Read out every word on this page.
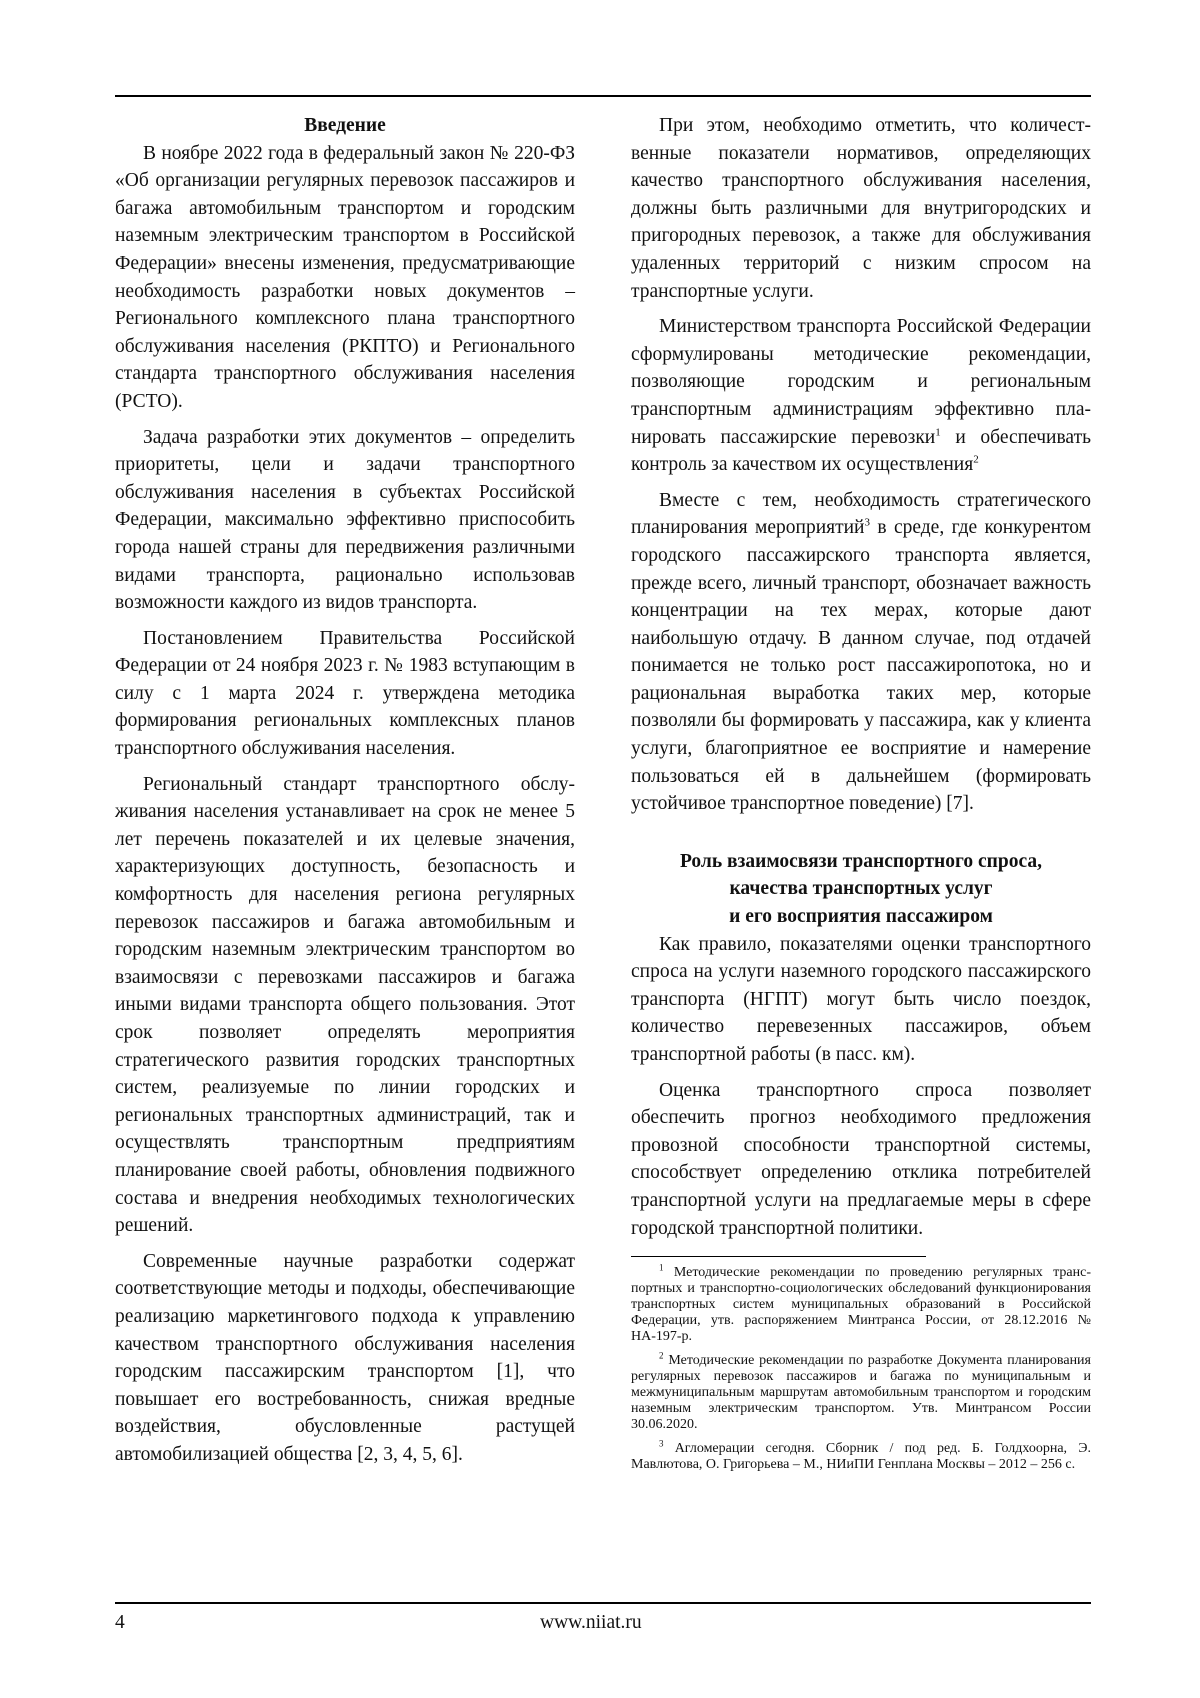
Введение

В ноябре 2022 года в федеральный закон № 220-ФЗ «Об организации регулярных перевозок пассажиров и багажа автомобильным транспортом и городским наземным электрическим транспортом в Российской Федерации» внесены изменения, предусматривающие необходимость разработки новых документов – Регионального комплексного плана транспортного обслуживания населения (РКПТО) и Регионального стандарта транспортного обслуживания населения (РСТО).

Задача разработки этих документов – определить приоритеты, цели и задачи транспортного обслуживания населения в субъектах Российской Федерации, максимально эффективно приспособить города нашей страны для передвижения различными видами транспорта, рационально использовав возможности каждого из видов транспорта.

Постановлением Правительства Российской Федерации от 24 ноября 2023 г. № 1983 вступающим в силу с 1 марта 2024 г. утверждена методика формирования региональных комплексных планов транспортного обслуживания населения.

Региональный стандарт транспортного обслуживания населения устанавливает на срок не менее 5 лет перечень показателей и их целевые значения, характеризующих доступность, безопасность и комфортность для населения региона регулярных перевозок пассажиров и багажа автомобильным и городским наземным электрическим транспортом во взаимосвязи с перевозками пассажиров и багажа иными видами транспорта общего пользования. Этот срок позволяет определять мероприятия стратегического развития городских транспортных систем, реализуемые по линии городских и региональных транспортных администраций, так и осуществлять транспортным предприятиям планирование своей работы, обновления подвижного состава и внедрения необходимых технологических решений.

Современные научные разработки содержат соответствующие методы и подходы, обеспечивающие реализацию маркетингового подхода к управлению качеством транспортного обслуживания населения городским пассажирским транспортом [1], что повышает его востребованность, снижая вредные воздействия, обусловленные растущей автомобилизацией общества [2, 3, 4, 5, 6].

При этом, необходимо отметить, что количественные показатели нормативов, определяющих качество транспортного обслуживания населения, должны быть различными для внутригородских и пригородных перевозок, а также для обслуживания удаленных территорий с низким спросом на транспортные услуги.

Министерством транспорта Российской Федерации сформулированы методические рекомендации, позволяющие городским и региональным транспортным администрациям эффективно планировать пассажирские перевозки$^1$ и обеспечивать контроль за качеством их осуществления$^2$

Вместе с тем, необходимость стратегического планирования мероприятий$^3$ в среде, где конкурентом городского пассажирского транспорта является, прежде всего, личный транспорт, обозначает важность концентрации на тех мерах, которые дают наибольшую отдачу. В данном случае, под отдачей понимается не только рост пассажиропотока, но и рациональная выработка таких мер, которые позволяли бы формировать у пассажира, как у клиента услуги, благоприятное ее восприятие и намерение пользоваться ей в дальнейшем (формировать устойчивое транспортное поведение) [7].

Роль взаимосвязи транспортного спроса,
качества транспортных услуг
и его восприятия пассажиром

Как правило, показателями оценки транспортного спроса на услуги наземного городского пассажирского транспорта (НГПТ) могут быть число поездок, количество перевезенных пассажиров, объем транспортной работы (в пасс. км).

Оценка транспортного спроса позволяет обеспечить прогноз необходимого предложения провозной способности транспортной системы, способствует определению отклика потребителей транспортной услуги на предлагаемые меры в сфере городской транспортной политики.

$^1$ Методические рекомендации по проведению регулярных транспортных и транспортно-социологических обследований функционирования транспортных систем муниципальных образований в Российской Федерации, утв. распоряжением Минтранса России, от 28.12.2016 № НА-197-р.

$^2$ Методические рекомендации по разработке Документа планирования регулярных перевозок пассажиров и багажа по муниципальным и межмуниципальным маршрутам автомобильным транспортом и городским наземным электрическим транспортом. Утв. Минтрансом России 30.06.2020.

$^3$ Агломерации сегодня. Сборник / под ред. Б. Голдхоорна, Э. Мавлютова, О. Григорьева – М., НИиПИ Генплана Москвы – 2012 – 256 с.

4	www.niiat.ru
